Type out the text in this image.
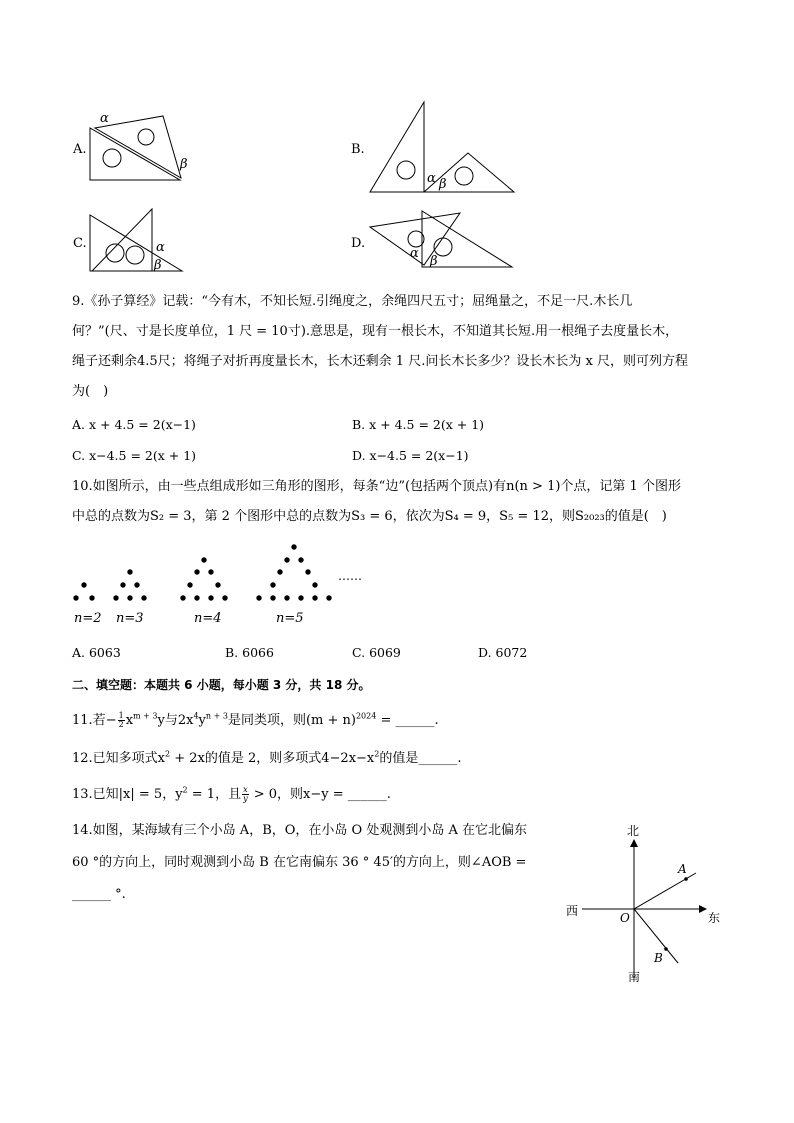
A.
α
β
B.
α β
C.	α
β
D.
α
β
9.《孙子算经》记载：“今有木，不知长短.引绳度之，余绳四尺五寸；屈绳量之，不足一尺.木长几
何？”(尺、寸是长度单位，1 尺 = 10寸).意思是，现有一根长木，不知道其长短.用一根绳子去度量长木，
绳子还剩余4.5尺；将绳子对折再度量长木，长木还剩余 1 尺.问长木长多少？设长木长为 x 尺，则可列方程
为(　)
A. x + 4.5 = 2(x−1)	B. x + 4.5 = 2(x + 1)
C. x−4.5 = 2(x + 1)	D. x−4.5 = 2(x−1)
10.如图所示，由一些点组成形如三角形的图形，每条“边”(包括两个顶点)有n(n > 1)个点，记第 1 个图形
中总的点数为S₂ = 3，第 2 个图形中总的点数为S₃ = 6，依次为S₄ = 9，S₅ = 12，则S₂₀₂₃的值是(　)
……
n=2 n=3	n=4	n=5
A. 6063	B. 6066	C. 6069	D. 6072
二、填空题：本题共 6 小题，每小题 3 分，共 18 分。
11.若− $\frac{1}{2} x^{m + 3}y$与$2x^4y^{n + 3}$是同类项，则$(m + n)^{2024}$ = ______.
12.已知多项式$x^2 + 2x$的值是 2，则多项式$4-2x-x^2$的值是______.
13.已知|x| = 5，$y^2 = 1$，且 $\frac{x}{y} > 0$，则x−y = ______.
14.如图，某海域有三个小岛 A，B，O，在小岛 O 处观测到小岛 A 在它北偏东
60 °的方向上，同时观测到小岛 B 在它南偏东 36 ° 45′的方向上，则∠AOB =
______ °.
北
南
东
西	O
A
B
